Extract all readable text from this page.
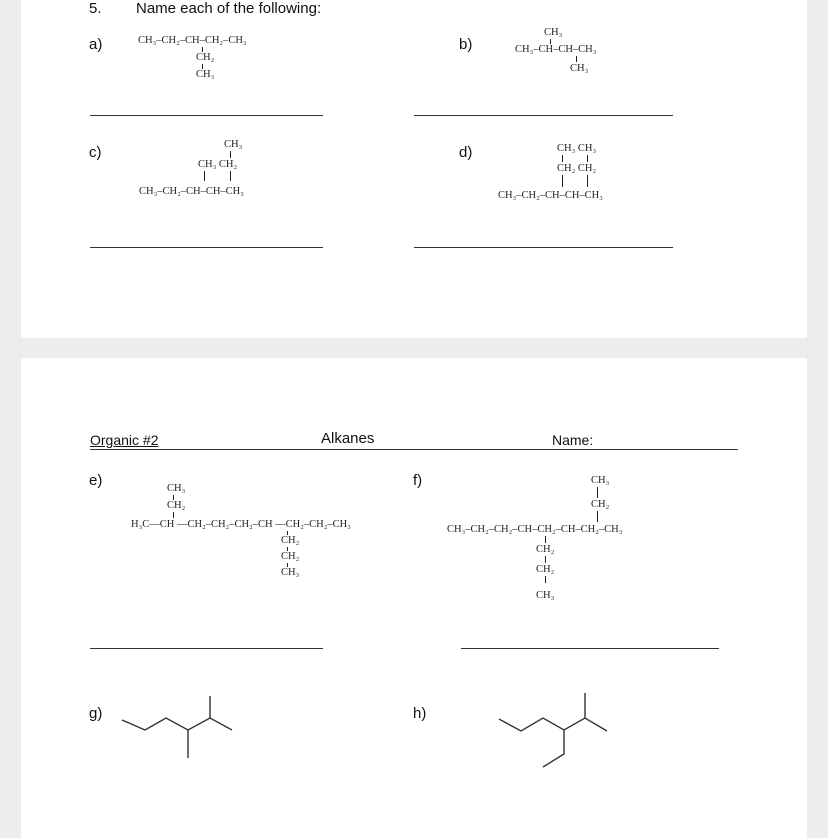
5. Name each of the following:
a)	CH₃–CH₂–CH–CH₂–CH₃
CH₂
CH₃
b)
CH₃
CH₃–CH–CH–CH₃
CH₃
c)	CH₃
CH₃ CH₂
CH₃–CH₂–CH–CH–CH₃
d)	CH₃ CH₃
CH₂ CH₂
CH₃–CH₂–CH–CH–CH₃
Organic #2	Alkanes	Name:
e)	CH₃
CH₂
H₃C—CH —CH₂–CH₂–CH₂–CH —CH₂–CH₂–CH₃
CH₂
CH₂
CH₃
f)	CH₃
CH₂
CH₃–CH₂–CH₂–CH–CH₂–CH–CH₂–CH₃
CH₂
CH₂
CH₃
g)	h)
